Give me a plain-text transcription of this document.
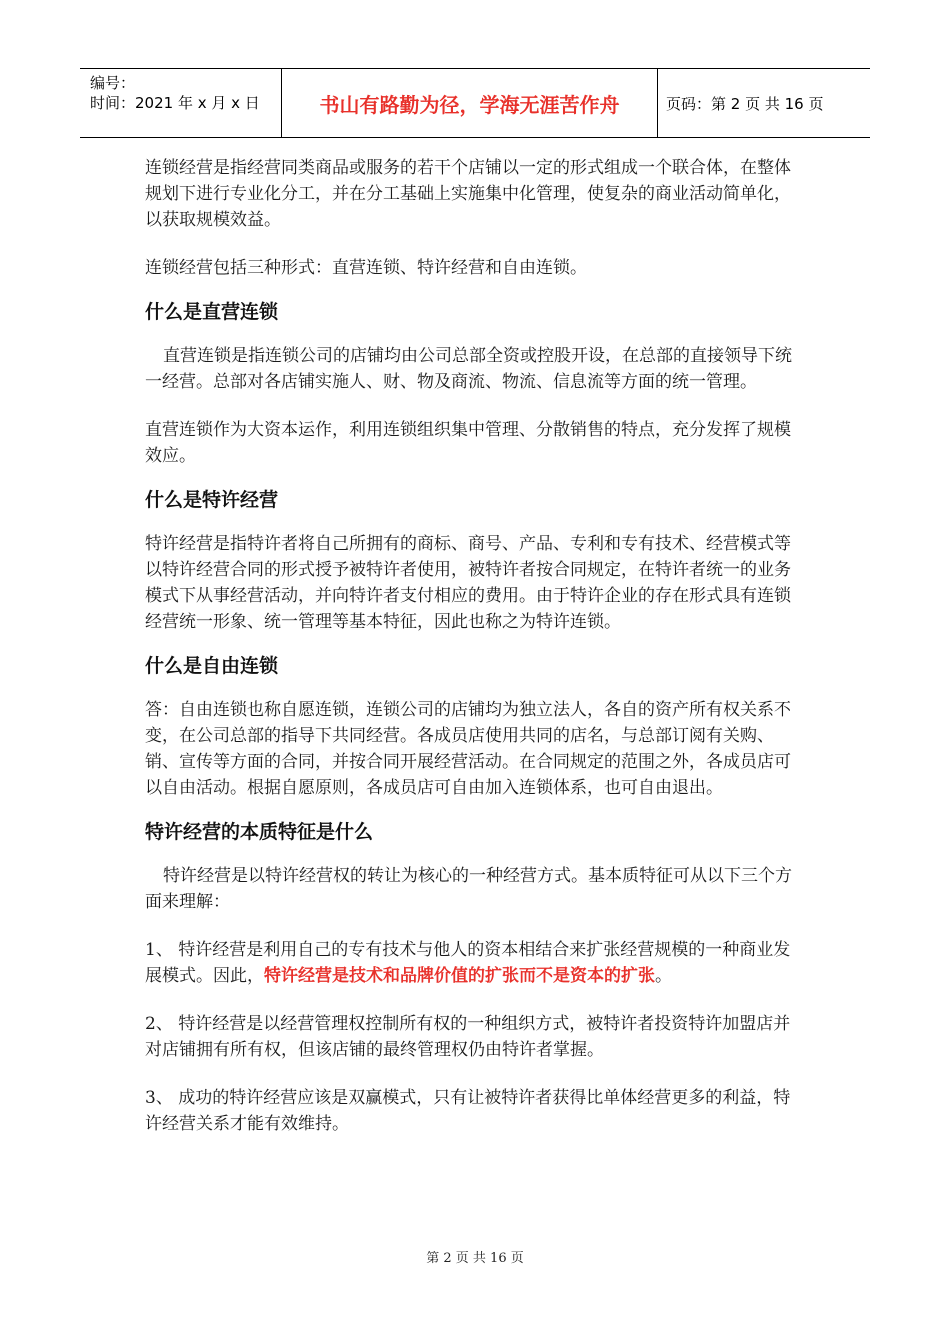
编号：
时间：2021 年 x 月 x 日	书山有路勤为径，学海无涯苦作舟	页码：第 2 页 共 16 页

连锁经营是指经营同类商品或服务的若干个店铺以一定的形式组成一个联合体，在整体规划下进行专业化分工，并在分工基础上实施集中化管理，使复杂的商业活动简单化，以获取规模效益。

连锁经营包括三种形式：直营连锁、特许经营和自由连锁。

什么是直营连锁

直营连锁是指连锁公司的店铺均由公司总部全资或控股开设，在总部的直接领导下统一经营。总部对各店铺实施人、财、物及商流、物流、信息流等方面的统一管理。

直营连锁作为大资本运作，利用连锁组织集中管理、分散销售的特点，充分发挥了规模效应。

什么是特许经营

特许经营是指特许者将自己所拥有的商标、商号、产品、专利和专有技术、经营模式等以特许经营合同的形式授予被特许者使用，被特许者按合同规定，在特许者统一的业务模式下从事经营活动，并向特许者支付相应的费用。由于特许企业的存在形式具有连锁经营统一形象、统一管理等基本特征，因此也称之为特许连锁。

什么是自由连锁

答：自由连锁也称自愿连锁，连锁公司的店铺均为独立法人，各自的资产所有权关系不变，在公司总部的指导下共同经营。各成员店使用共同的店名，与总部订阅有关购、销、宣传等方面的合同，并按合同开展经营活动。在合同规定的范围之外，各成员店可以自由活动。根据自愿原则，各成员店可自由加入连锁体系，也可自由退出。

特许经营的本质特征是什么

特许经营是以特许经营权的转让为核心的一种经营方式。基本质特征可从以下三个方面来理解：

1、 特许经营是利用自己的专有技术与他人的资本相结合来扩张经营规模的一种商业发展模式。因此，特许经营是技术和品牌价值的扩张而不是资本的扩张。

2、 特许经营是以经营管理权控制所有权的一种组织方式，被特许者投资特许加盟店并对店铺拥有所有权，但该店铺的最终管理权仍由特许者掌握。

3、 成功的特许经营应该是双赢模式，只有让被特许者获得比单体经营更多的利益，特许经营关系才能有效维持。

第 2 页 共 16 页
